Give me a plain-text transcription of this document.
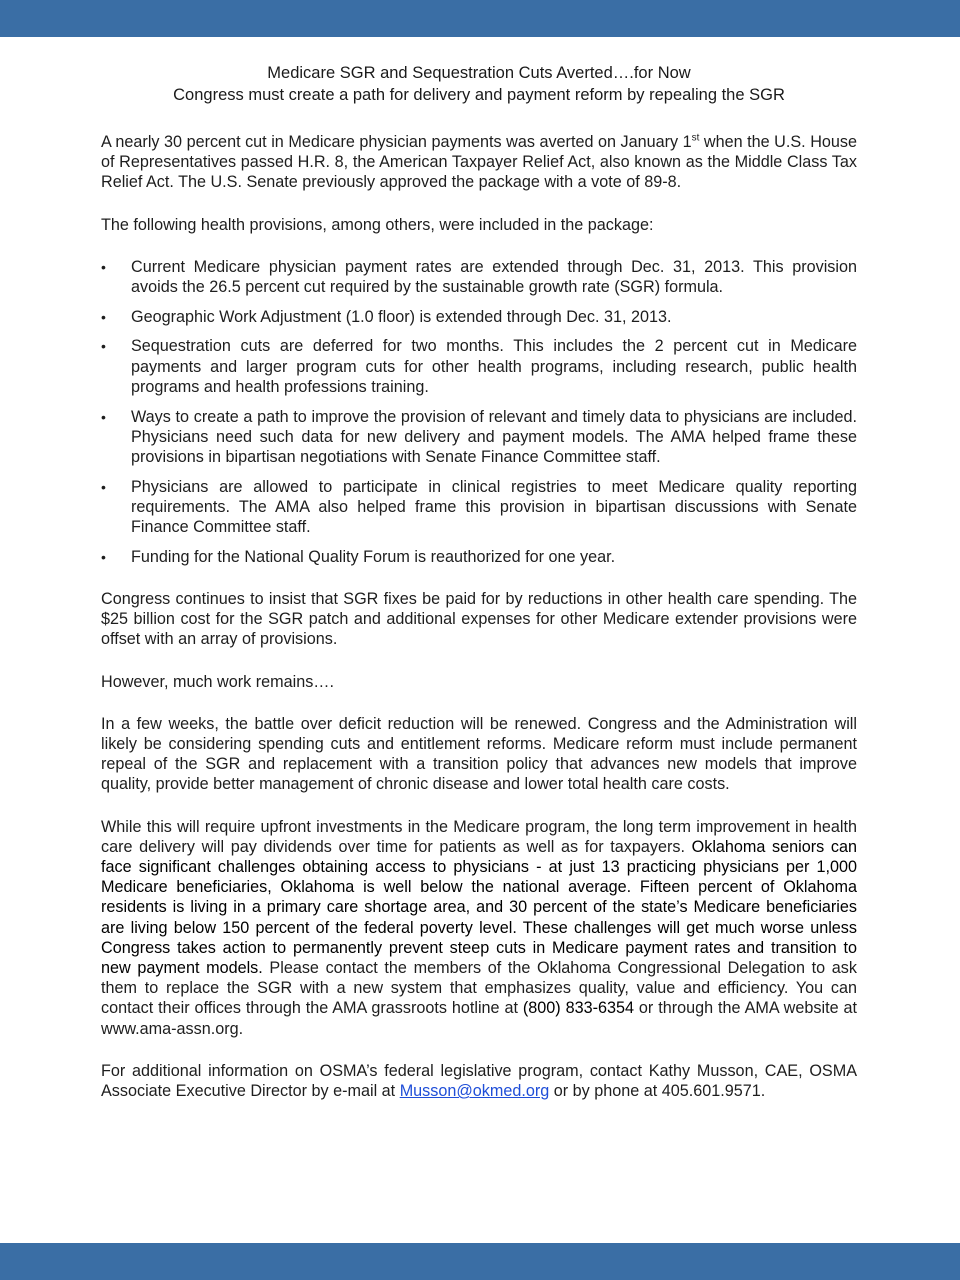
Medicare SGR and Sequestration Cuts Averted….for Now
Congress must create a path for delivery and payment reform by repealing the SGR

A nearly 30 percent cut in Medicare physician payments was averted on January 1st when the U.S. House of Representatives passed H.R. 8, the American Taxpayer Relief Act, also known as the Middle Class Tax Relief Act. The U.S. Senate previously approved the package with a vote of 89-8.

The following health provisions, among others, were included in the package:

• Current Medicare physician payment rates are extended through Dec. 31, 2013. This provision avoids the 26.5 percent cut required by the sustainable growth rate (SGR) formula.
• Geographic Work Adjustment (1.0 floor) is extended through Dec. 31, 2013.
• Sequestration cuts are deferred for two months. This includes the 2 percent cut in Medicare payments and larger program cuts for other health programs, including research, public health programs and health professions training.
• Ways to create a path to improve the provision of relevant and timely data to physicians are included. Physicians need such data for new delivery and payment models. The AMA helped frame these provisions in bipartisan negotiations with Senate Finance Committee staff.
• Physicians are allowed to participate in clinical registries to meet Medicare quality reporting requirements. The AMA also helped frame this provision in bipartisan discussions with Senate Finance Committee staff.
• Funding for the National Quality Forum is reauthorized for one year.

Congress continues to insist that SGR fixes be paid for by reductions in other health care spending. The $25 billion cost for the SGR patch and additional expenses for other Medicare extender provisions were offset with an array of provisions.

However, much work remains….

In a few weeks, the battle over deficit reduction will be renewed. Congress and the Administration will likely be considering spending cuts and entitlement reforms. Medicare reform must include permanent repeal of the SGR and replacement with a transition policy that advances new models that improve quality, provide better management of chronic disease and lower total health care costs.

While this will require upfront investments in the Medicare program, the long term improvement in health care delivery will pay dividends over time for patients as well as for taxpayers. Oklahoma seniors can face significant challenges obtaining access to physicians - at just 13 practicing physicians per 1,000 Medicare beneficiaries, Oklahoma is well below the national average. Fifteen percent of Oklahoma residents is living in a primary care shortage area, and 30 percent of the state’s Medicare beneficiaries are living below 150 percent of the federal poverty level. These challenges will get much worse unless Congress takes action to permanently prevent steep cuts in Medicare payment rates and transition to new payment models. Please contact the members of the Oklahoma Congressional Delegation to ask them to replace the SGR with a new system that emphasizes quality, value and efficiency. You can contact their offices through the AMA grassroots hotline at (800) 833-6354 or through the AMA website at www.ama-assn.org.

For additional information on OSMA’s federal legislative program, contact Kathy Musson, CAE, OSMA Associate Executive Director by e-mail at Musson@okmed.org or by phone at 405.601.9571.
